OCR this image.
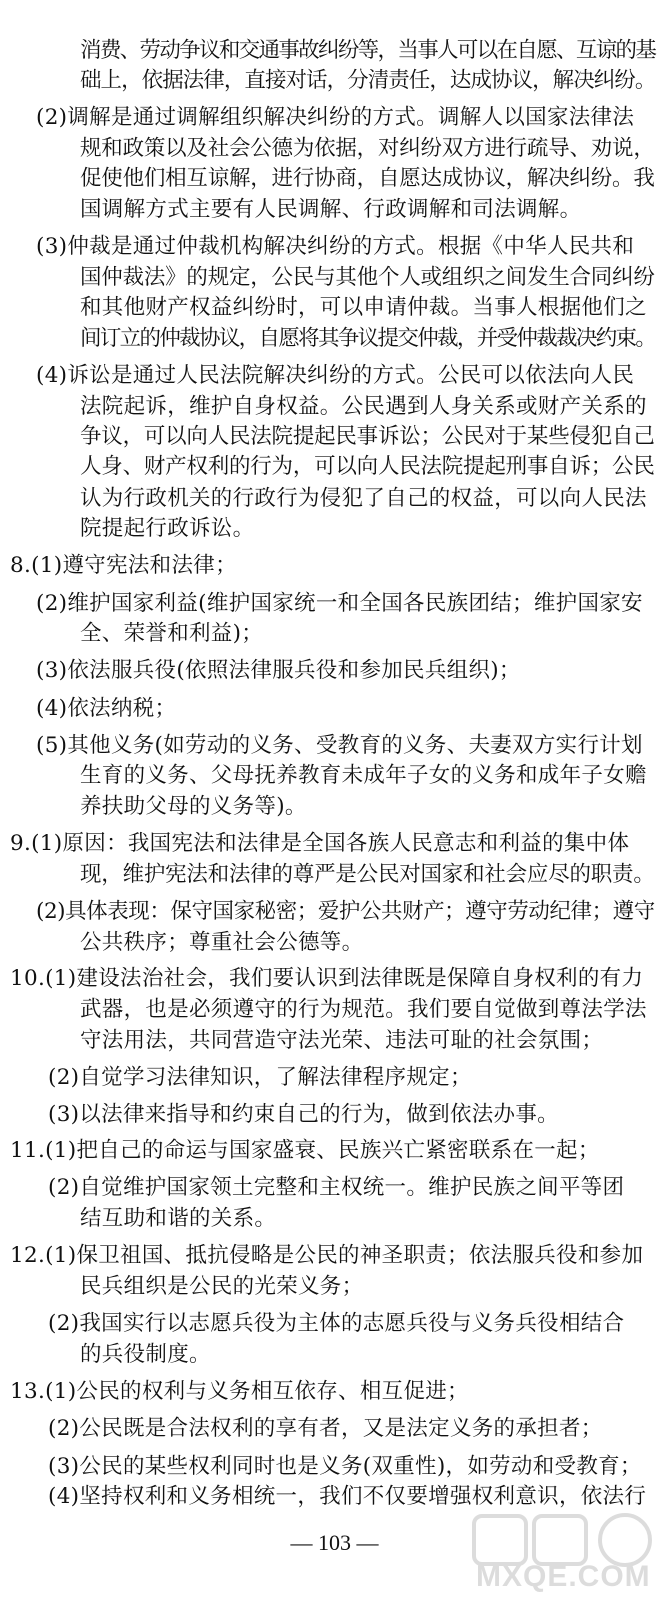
消费、劳动争议和交通事故纠纷等，当事人可以在自愿、互谅的基
础上，依据法律，直接对话，分清责任，达成协议，解决纠纷。
(2)调解是通过调解组织解决纠纷的方式。调解人以国家法律法
规和政策以及社会公德为依据，对纠纷双方进行疏导、劝说，
促使他们相互谅解，进行协商，自愿达成协议，解决纠纷。我
国调解方式主要有人民调解、行政调解和司法调解。
(3)仲裁是通过仲裁机构解决纠纷的方式。根据《中华人民共和
国仲裁法》的规定，公民与其他个人或组织之间发生合同纠纷
和其他财产权益纠纷时，可以申请仲裁。当事人根据他们之
间订立的仲裁协议，自愿将其争议提交仲裁，并受仲裁裁决约束。
(4)诉讼是通过人民法院解决纠纷的方式。公民可以依法向人民
法院起诉，维护自身权益。公民遇到人身关系或财产关系的
争议，可以向人民法院提起民事诉讼；公民对于某些侵犯自己
人身、财产权利的行为，可以向人民法院提起刑事自诉；公民
认为行政机关的行政行为侵犯了自己的权益，可以向人民法
院提起行政诉讼。
8.(1)遵守宪法和法律；
(2)维护国家利益(维护国家统一和全国各民族团结；维护国家安
全、荣誉和利益)；
(3)依法服兵役(依照法律服兵役和参加民兵组织)；
(4)依法纳税；
(5)其他义务(如劳动的义务、受教育的义务、夫妻双方实行计划
生育的义务、父母抚养教育未成年子女的义务和成年子女赡
养扶助父母的义务等)。
9.(1)原因：我国宪法和法律是全国各族人民意志和利益的集中体
现，维护宪法和法律的尊严是公民对国家和社会应尽的职责。
(2)具体表现：保守国家秘密；爱护公共财产；遵守劳动纪律；遵守
公共秩序；尊重社会公德等。
10.(1)建设法治社会，我们要认识到法律既是保障自身权利的有力
武器，也是必须遵守的行为规范。我们要自觉做到尊法学法
守法用法，共同营造守法光荣、违法可耻的社会氛围；
(2)自觉学习法律知识，了解法律程序规定；
(3)以法律来指导和约束自己的行为，做到依法办事。
11.(1)把自己的命运与国家盛衰、民族兴亡紧密联系在一起；
(2)自觉维护国家领土完整和主权统一。维护民族之间平等团
结互助和谐的关系。
12.(1)保卫祖国、抵抗侵略是公民的神圣职责；依法服兵役和参加
民兵组织是公民的光荣义务；
(2)我国实行以志愿兵役为主体的志愿兵役与义务兵役相结合
的兵役制度。
13.(1)公民的权利与义务相互依存、相互促进；
(2)公民既是合法权利的享有者，又是法定义务的承担者；
(3)公民的某些权利同时也是义务(双重性)，如劳动和受教育；
(4)坚持权利和义务相统一，我们不仅要增强权利意识，依法行
— 103 —
MXQE.COM
